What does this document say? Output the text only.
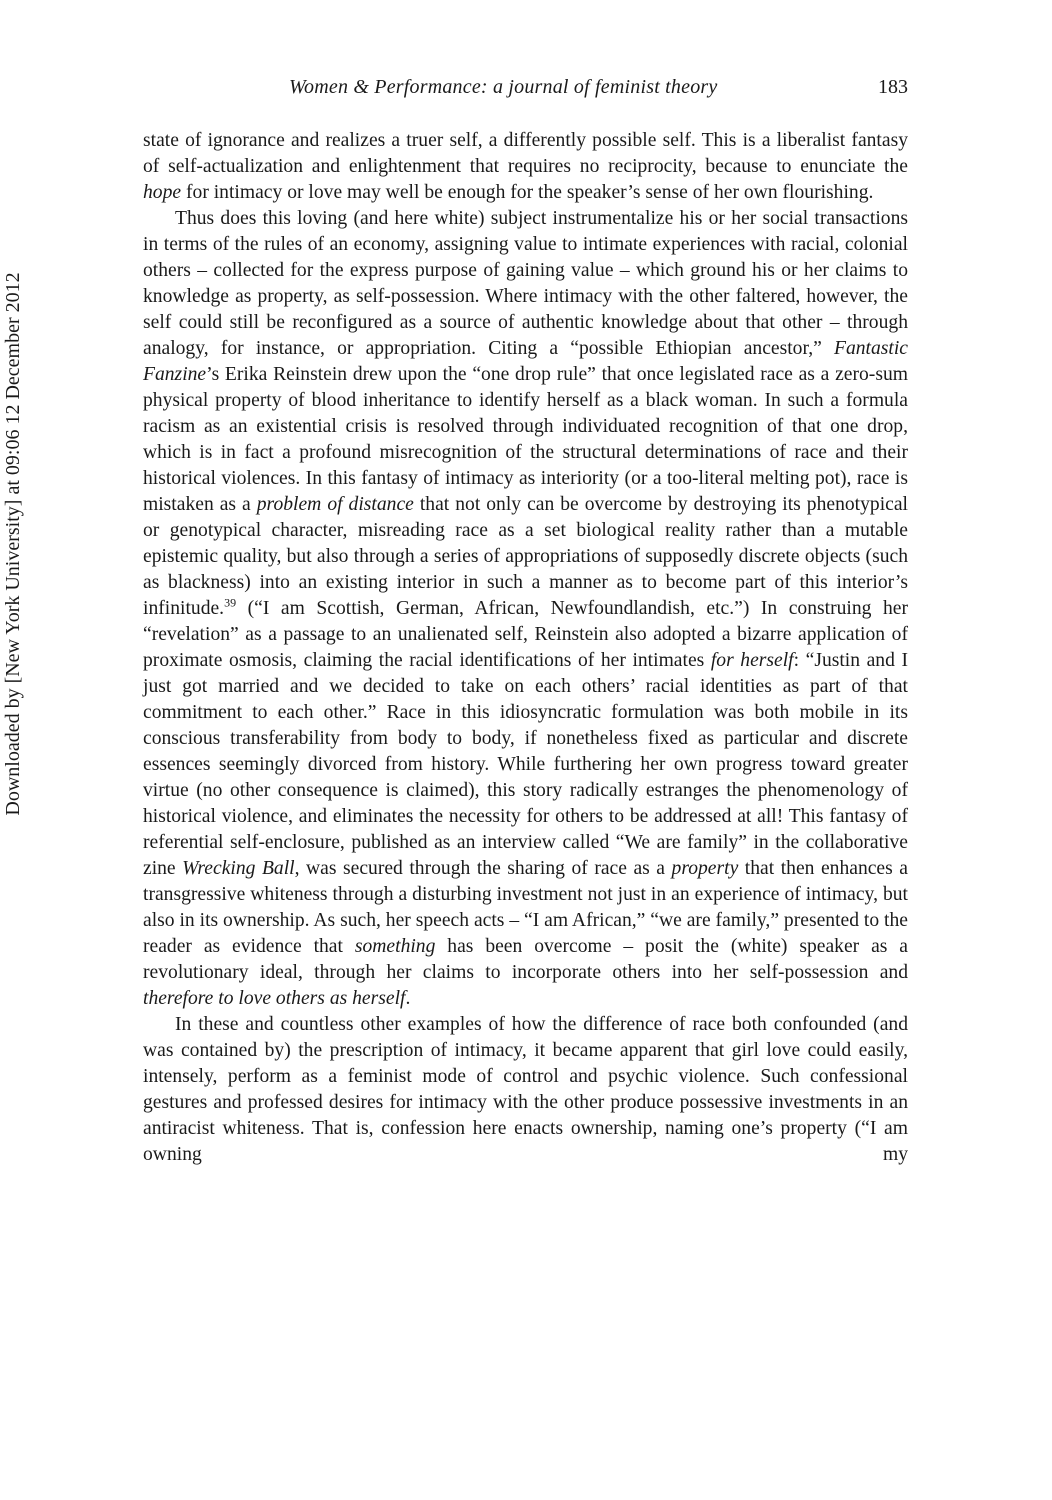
Women & Performance: a journal of feminist theory	183
Downloaded by [New York University] at 09:06 12 December 2012

state of ignorance and realizes a truer self, a differently possible self. This is a liberalist fantasy of self-actualization and enlightenment that requires no reciprocity, because to enunciate the hope for intimacy or love may well be enough for the speaker’s sense of her own flourishing.

Thus does this loving (and here white) subject instrumentalize his or her social transactions in terms of the rules of an economy, assigning value to intimate experiences with racial, colonial others – collected for the express purpose of gaining value – which ground his or her claims to knowledge as property, as self-possession. Where intimacy with the other faltered, however, the self could still be reconfigured as a source of authentic knowledge about that other – through analogy, for instance, or appropriation. Citing a “possible Ethiopian ancestor,” Fantastic Fanzine’s Erika Reinstein drew upon the “one drop rule” that once legislated race as a zero-sum physical property of blood inheritance to identify herself as a black woman. In such a formula racism as an existential crisis is resolved through individuated recognition of that one drop, which is in fact a profound misrecognition of the structural determinations of race and their historical violences. In this fantasy of intimacy as interiority (or a too-literal melting pot), race is mistaken as a problem of distance that not only can be overcome by destroying its phenotypical or genotypical character, misreading race as a set biological reality rather than a mutable epistemic quality, but also through a series of appropriations of supposedly discrete objects (such as blackness) into an existing interior in such a manner as to become part of this interior’s infinitude.$^{39}$ (“I am Scottish, German, African, Newfoundlandish, etc.”) In construing her “revelation” as a passage to an unalienated self, Reinstein also adopted a bizarre application of proximate osmosis, claiming the racial identifications of her intimates for herself: “Justin and I just got married and we decided to take on each others’ racial identities as part of that commitment to each other.” Race in this idiosyncratic formulation was both mobile in its conscious transferability from body to body, if nonetheless fixed as particular and discrete essences seemingly divorced from history. While furthering her own progress toward greater virtue (no other consequence is claimed), this story radically estranges the phenomenology of historical violence, and eliminates the necessity for others to be addressed at all! This fantasy of referential self-enclosure, published as an interview called “We are family” in the collaborative zine Wrecking Ball, was secured through the sharing of race as a property that then enhances a transgressive whiteness through a disturbing investment not just in an experience of intimacy, but also in its ownership. As such, her speech acts – “I am African,” “we are family,” presented to the reader as evidence that something has been overcome – posit the (white) speaker as a revolutionary ideal, through her claims to incorporate others into her self-possession and therefore to love others as herself.

In these and countless other examples of how the difference of race both confounded (and was contained by) the prescription of intimacy, it became apparent that girl love could easily, intensely, perform as a feminist mode of control and psychic violence. Such confessional gestures and professed desires for intimacy with the other produce possessive investments in an antiracist whiteness. That is, confession here enacts ownership, naming one’s property (“I am owning my
